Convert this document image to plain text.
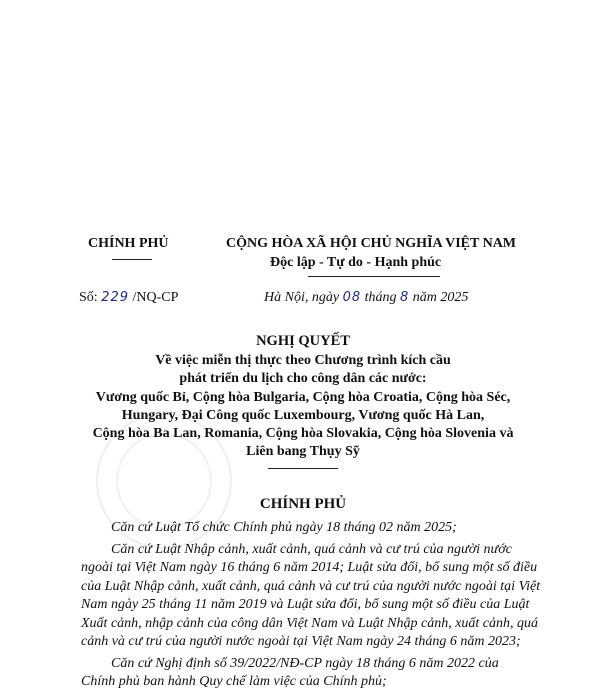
CHÍNH PHỦ	CỘNG HÒA XÃ HỘI CHỦ NGHĨA VIỆT NAM
Độc lập - Tự do - Hạnh phúc
Số: 229 /NQ-CP	Hà Nội, ngày 08 tháng 8 năm 2025
NGHỊ QUYẾT
Về việc miễn thị thực theo Chương trình kích cầu
phát triển du lịch cho công dân các nước:
Vương quốc Bỉ, Cộng hòa Bulgaria, Cộng hòa Croatia, Cộng hòa Séc,
Hungary, Đại Công quốc Luxembourg, Vương quốc Hà Lan,
Cộng hòa Ba Lan, Romania, Cộng hòa Slovakia, Cộng hòa Slovenia và
Liên bang Thụy Sỹ
CHÍNH PHỦ

Căn cứ Luật Tổ chức Chính phủ ngày 18 tháng 02 năm 2025;

Căn cứ Luật Nhập cảnh, xuất cảnh, quá cảnh và cư trú của người nước
ngoài tại Việt Nam ngày 16 tháng 6 năm 2014; Luật sửa đổi, bổ sung một số điều
của Luật Nhập cảnh, xuất cảnh, quá cảnh và cư trú của người nước ngoài tại Việt
Nam ngày 25 tháng 11 năm 2019 và Luật sửa đổi, bổ sung một số điều của Luật
Xuất cảnh, nhập cảnh của công dân Việt Nam và Luật Nhập cảnh, xuất cảnh, quá
cảnh và cư trú của người nước ngoài tại Việt Nam ngày 24 tháng 6 năm 2023;

Căn cứ Nghị định số 39/2022/NĐ-CP ngày 18 tháng 6 năm 2022 của
Chính phủ ban hành Quy chế làm việc của Chính phủ;
